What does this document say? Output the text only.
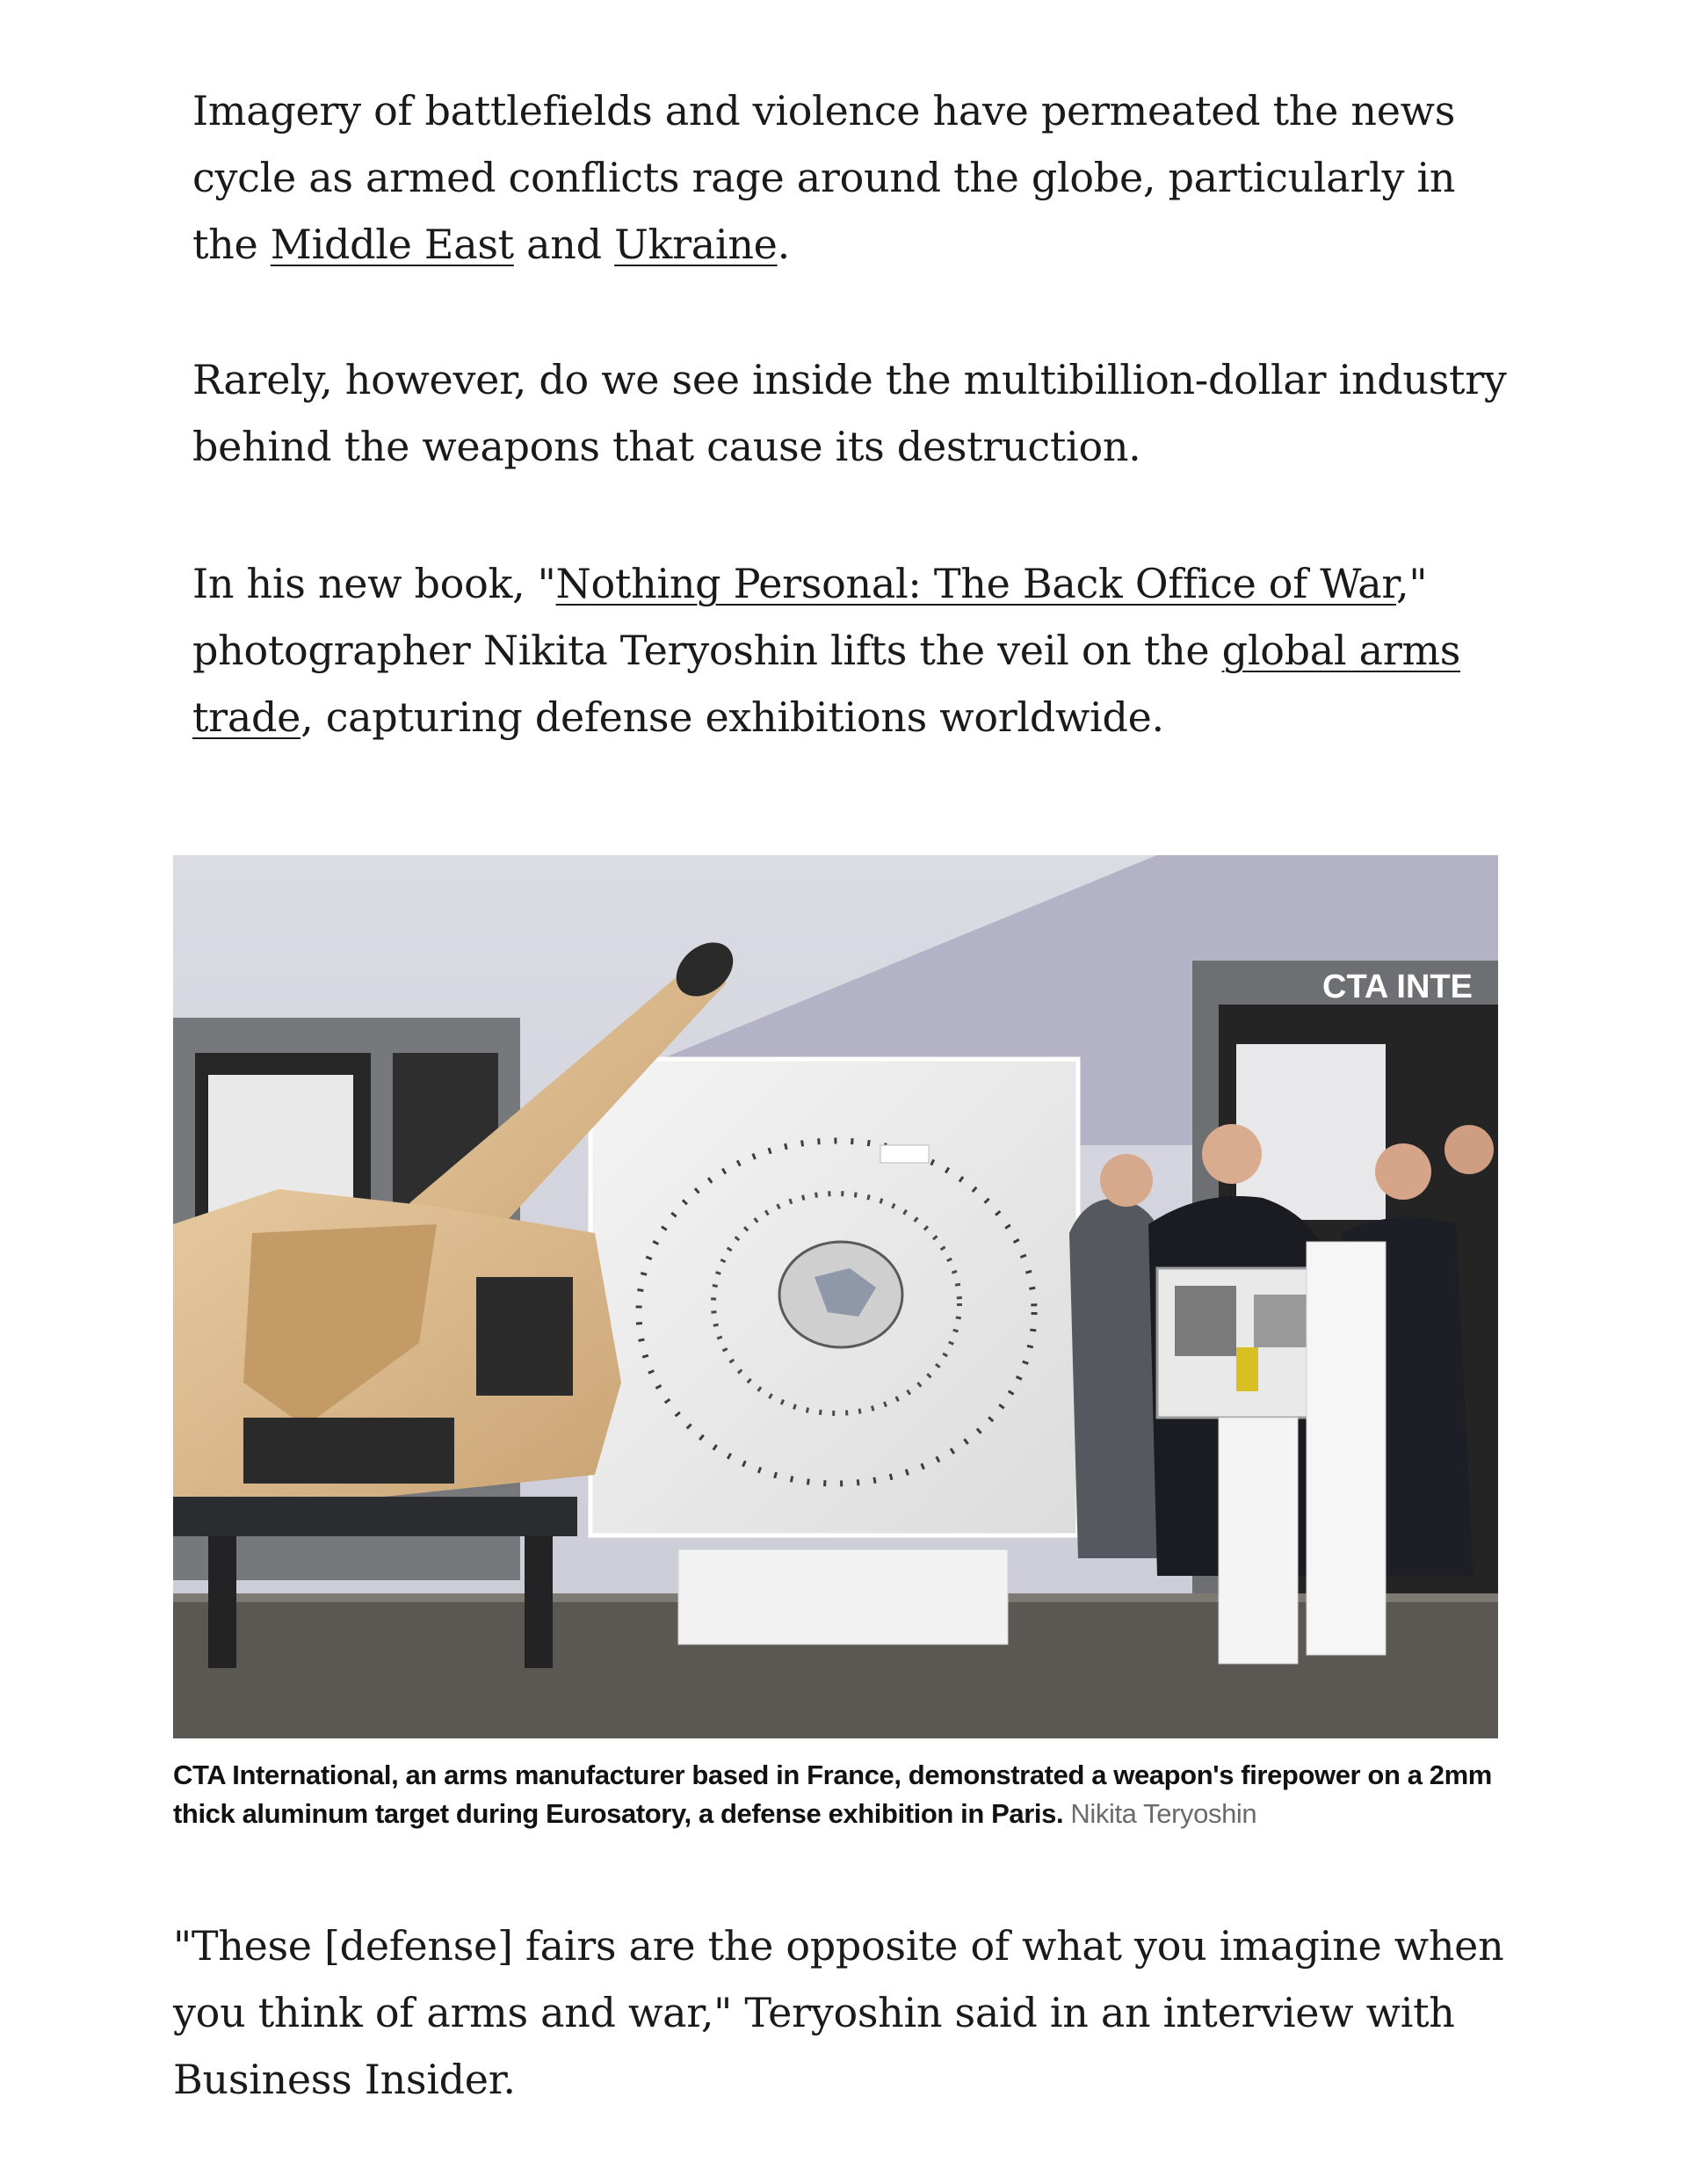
Imagery of battlefields and violence have permeated the news cycle as armed conflicts rage around the globe, particularly in the Middle East and Ukraine.

Rarely, however, do we see inside the multibillion-dollar industry behind the weapons that cause its destruction.

In his new book, "Nothing Personal: The Back Office of War," photographer Nikita Teryoshin lifts the veil on the global arms trade, capturing defense exhibitions worldwide.

CTA INTE

CTA International, an arms manufacturer based in France, demonstrated a weapon's firepower on a 2mm thick aluminum target during Eurosatory, a defense exhibition in Paris. Nikita Teryoshin

"These [defense] fairs are the opposite of what you imagine when you think of arms and war," Teryoshin said in an interview with Business Insider.
